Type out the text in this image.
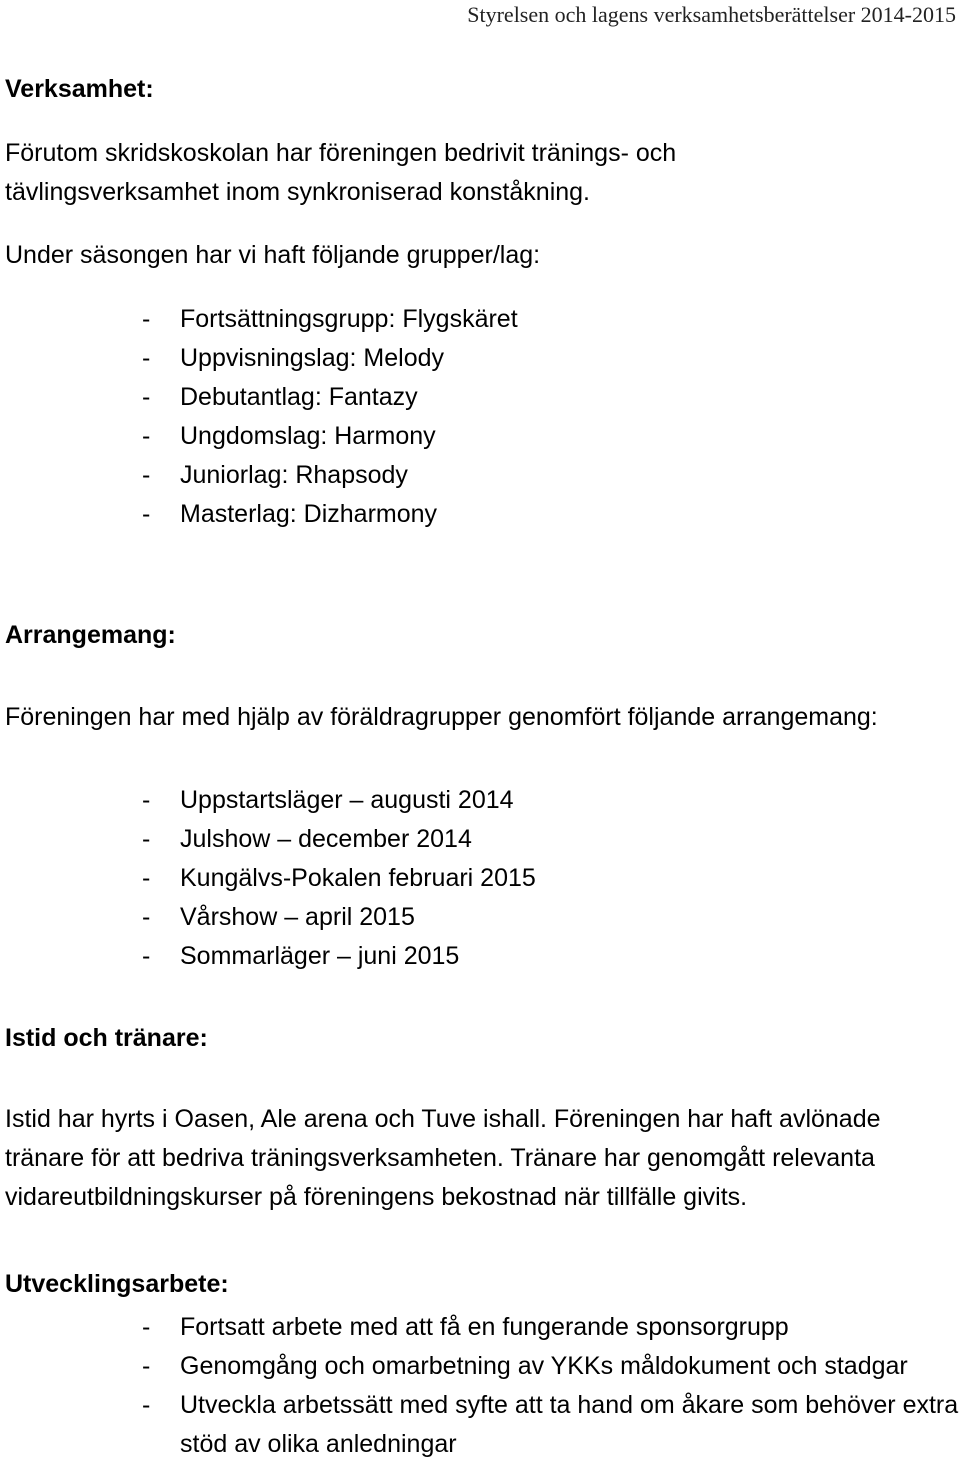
Styrelsen och lagens verksamhetsberättelser 2014-2015
Verksamhet:

Förutom skridskoskolan har föreningen bedrivit tränings- och tävlingsverksamhet inom synkroniserad konståkning.

Under säsongen har vi haft följande grupper/lag:

- Fortsättningsgrupp: Flygskäret
- Uppvisningslag: Melody
- Debutantlag: Fantazy
- Ungdomslag: Harmony
- Juniorlag: Rhapsody
- Masterlag: Dizharmony
Arrangemang:

Föreningen har med hjälp av föräldragrupper genomfört följande arrangemang:

- Uppstartsläger – augusti 2014
- Julshow – december 2014
- Kungälvs-Pokalen februari 2015
- Vårshow – april 2015
- Sommarläger – juni 2015
Istid och tränare:

Istid har hyrts i Oasen, Ale arena och Tuve ishall. Föreningen har haft avlönade tränare för att bedriva träningsverksamheten. Tränare har genomgått relevanta vidareutbildningskurser på föreningens bekostnad när tillfälle givits.

Utvecklingsarbete:
- Fortsatt arbete med att få en fungerande sponsorgrupp
- Genomgång och omarbetning av YKKs måldokument och stadgar
- Utveckla arbetssätt med syfte att ta hand om åkare som behöver extra stöd av olika anledningar
